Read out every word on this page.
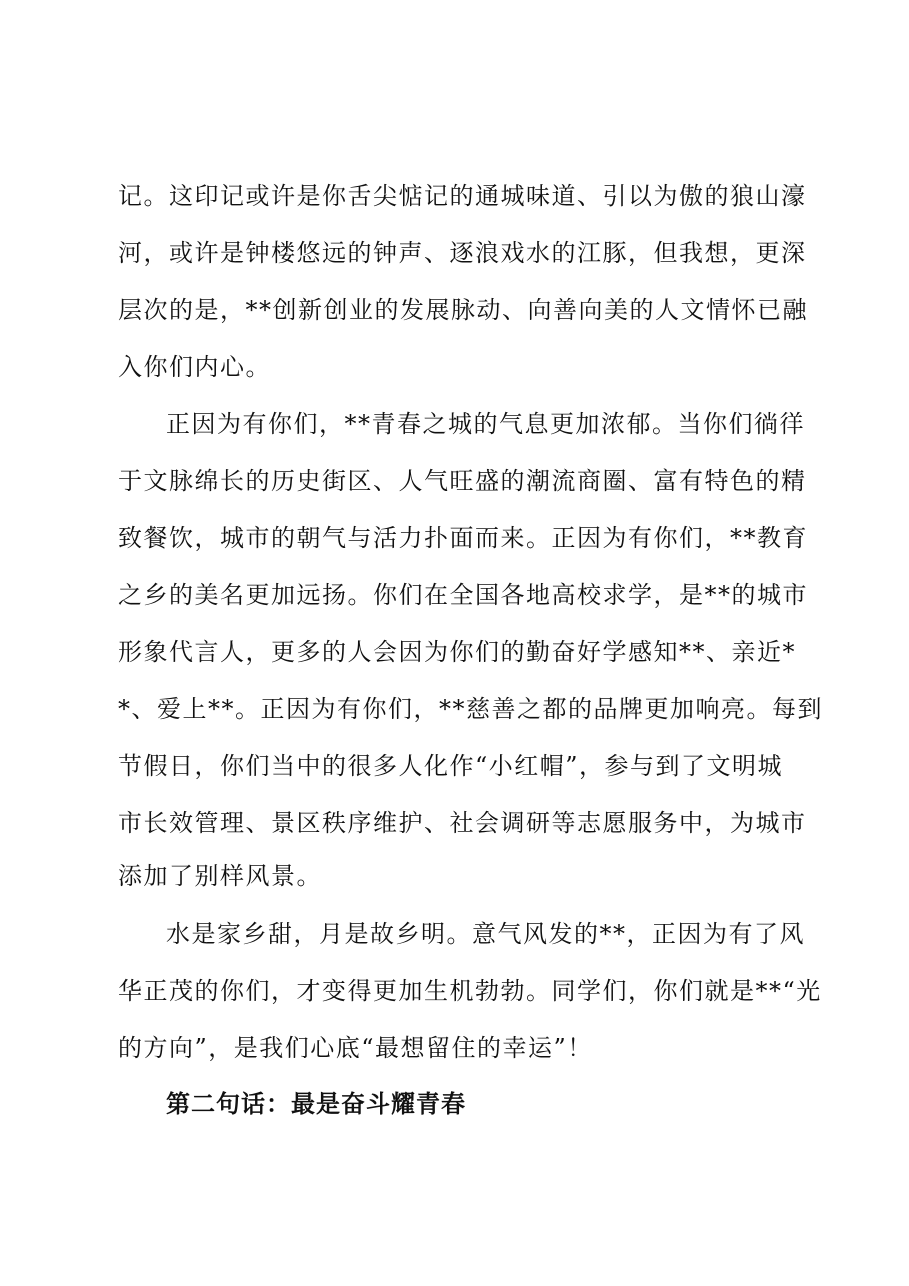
记。这印记或许是你舌尖惦记的通城味道、引以为傲的狼山濠
河，或许是钟楼悠远的钟声、逐浪戏水的江豚，但我想，更深
层次的是，**创新创业的发展脉动、向善向美的人文情怀已融
入你们内心。
正因为有你们，**青春之城的气息更加浓郁。当你们徜徉
于文脉绵长的历史街区、人气旺盛的潮流商圈、富有特色的精
致餐饮，城市的朝气与活力扑面而来。正因为有你们，**教育
之乡的美名更加远扬。你们在全国各地高校求学，是**的城市
形象代言人，更多的人会因为你们的勤奋好学感知**、亲近*
*、爱上**。正因为有你们，**慈善之都的品牌更加响亮。每到
节假日，你们当中的很多人化作“小红帽”，参与到了文明城
市长效管理、景区秩序维护、社会调研等志愿服务中，为城市
添加了别样风景。
水是家乡甜，月是故乡明。意气风发的**，正因为有了风
华正茂的你们，才变得更加生机勃勃。同学们，你们就是**“光
的方向”，是我们心底“最想留住的幸运”！
第二句话：最是奋斗耀青春
